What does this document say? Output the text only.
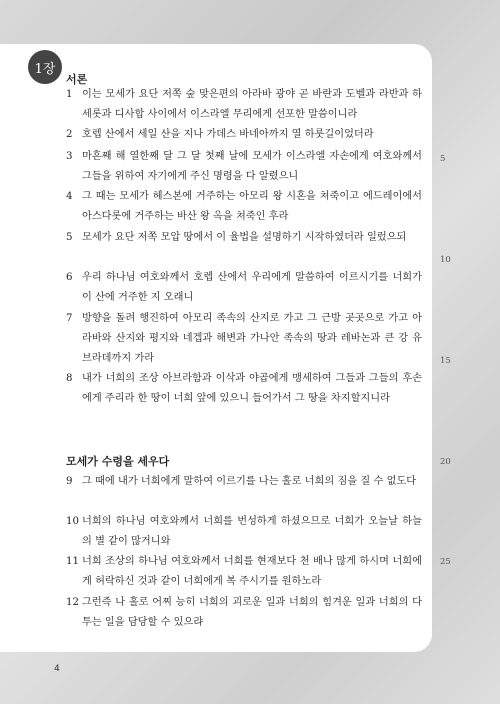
1장
서론
1 이는 모세가 요단 저쪽 숲 맞은편의 아라바 광야 곧 바란과 도벨과 라반과 하세롯과 디사합 사이에서 이스라엘 무리에게 선포한 말씀이니라
2 호렙 산에서 세일 산을 지나 가데스 바네아까지 열 하룻길이었더라
3 마흔째 해 열한째 달 그 달 첫째 날에 모세가 이스라엘 자손에게 여호와께서 그들을 위하여 자기에게 주신 명령을 다 알렸으니
4 그 때는 모세가 헤스본에 거주하는 아모리 왕 시혼을 쳐죽이고 에드레이에서 아스다롯에 거주하는 바산 왕 옥을 쳐죽인 후라
5 모세가 요단 저쪽 모압 땅에서 이 율법을 설명하기 시작하였더라 일렀으되
6 우리 하나님 여호와께서 호렙 산에서 우리에게 말씀하여 이르시기를 너희가 이 산에 거주한 지 오래니
7 방향을 돌려 행진하여 아모리 족속의 산지로 가고 그 근방 곳곳으로 가고 아라바와 산지와 평지와 네겝과 해변과 가나안 족속의 땅과 레바논과 큰 강 유브라데까지 가라
8 내가 너희의 조상 아브라함과 이삭과 야곱에게 맹세하여 그들과 그들의 후손에게 주리라 한 땅이 너희 앞에 있으니 들어가서 그 땅을 차지할지니라
모세가 수령을 세우다
9 그 때에 내가 너희에게 말하여 이르기를 나는 홀로 너희의 짐을 질 수 없도다
10 너희의 하나님 여호와께서 너희를 번성하게 하셨으므로 너희가 오늘날 하늘의 별 같이 많거니와
11 너희 조상의 하나님 여호와께서 너희를 현재보다 천 배나 많게 하시며 너희에게 허락하신 것과 같이 너희에게 복 주시기를 원하노라
12 그런즉 나 홀로 어찌 능히 너희의 괴로운 일과 너희의 힘겨운 일과 너희의 다투는 일을 담당할 수 있으랴
5
10
15
20
25
4
